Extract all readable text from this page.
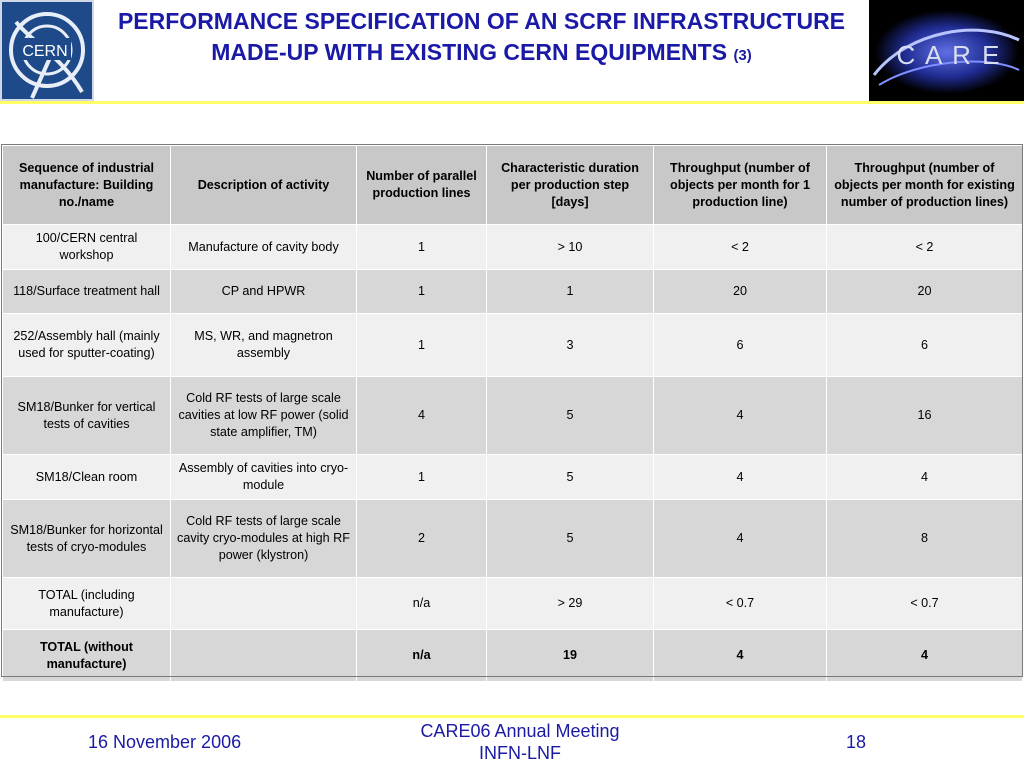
CERN	C A R E
PERFORMANCE SPECIFICATION OF AN SCRF INFRASTRUCTURE MADE-UP WITH EXISTING CERN EQUIPMENTS (3)
Sequence of industrial manufacture: Building no./name	Description of activity	Number of parallel production lines	Characteristic duration per production step [days]	Throughput (number of objects per month for 1 production line)	Throughput (number of objects per month for existing number of production lines)
100/CERN central workshop	Manufacture of cavity body	1	> 10	< 2	< 2
118/Surface treatment hall	CP and HPWR	1	1	20	20
252/Assembly hall (mainly used for sputter-coating)	MS, WR, and magnetron assembly	1	3	6	6
SM18/Bunker for vertical tests of cavities	Cold RF tests of large scale cavities at low RF power (solid state amplifier, TM)	4	5	4	16
SM18/Clean room	Assembly of cavities into cryo-module	1	5	4	4
SM18/Bunker for horizontal tests of cryo-modules	Cold RF tests of large scale cavity cryo-modules at high RF power (klystron)	2	5	4	8
TOTAL (including manufacture)		n/a	> 29	< 0.7	< 0.7
TOTAL (without manufacture)		n/a	19	4	4
16 November 2006
CARE06 Annual Meeting
INFN-LNF
18
